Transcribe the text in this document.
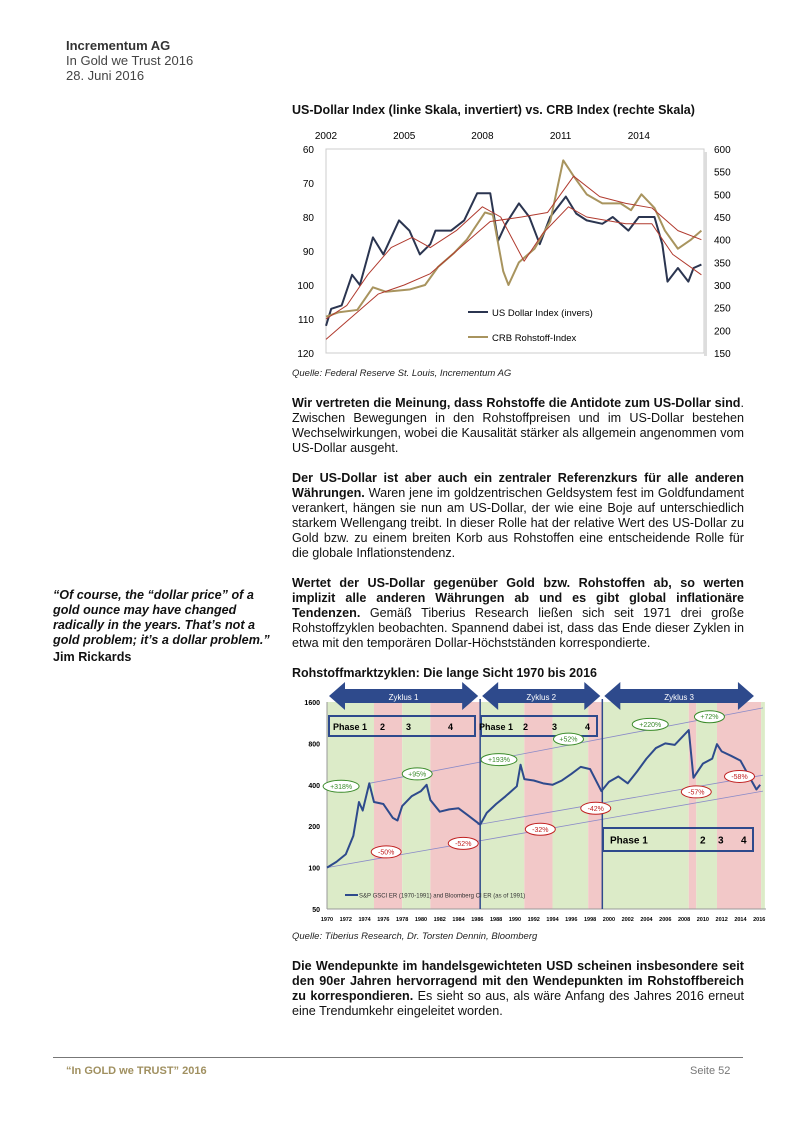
Incrementum AG
In Gold we Trust 2016
28. Juni 2016
US-Dollar Index (linke Skala, invertiert) vs. CRB Index (rechte Skala)
2002	2005	2008	2011	2014
60
70
80
90
100
110
120	150
200
250
300
350
400
450
500
550
600
US Dollar Index (invers)
CRB Rohstoff-Index
Quelle: Federal Reserve St. Louis, Incrementum AG
Wir vertreten die Meinung, dass Rohstoffe die Antidote zum US-Dollar sind. Zwischen Bewegungen in den Rohstoffpreisen und im US-Dollar bestehen Wechselwirkungen, wobei die Kausalität stärker als allgemein angenommen vom US-Dollar ausgeht.
Der US-Dollar ist aber auch ein zentraler Referenzkurs für alle anderen Währungen. Waren jene im goldzentrischen Geldsystem fest im Goldfundament verankert, hängen sie nun am US-Dollar, der wie eine Boje auf unterschiedlich starkem Wellengang treibt. In dieser Rolle hat der relative Wert des US-Dollar zu Gold bzw. zu einem breiten Korb aus Rohstoffen eine entscheidende Rolle für die globale Inflationstendenz.
Wertet der US-Dollar gegenüber Gold bzw. Rohstoffen ab, so werten implizit alle anderen Währungen ab und es gibt global inflationäre Tendenzen. Gemäß Tiberius Research ließen sich seit 1971 drei große Rohstoffzyklen beobachten. Spannend dabei ist, dass das Ende dieser Zyklen in etwa mit den temporären Dollar-Höchstständen korrespondierte.
Rohstoffmarktzyklen: Die lange Sicht 1970 bis 2016
50
100
200
400
800
1600
1970 1972 1974 1976 1978 1980 1982 1984 1986 1988 1990 1992 1994 1996 1998 2000 2002 2004 2006 2008 2010 2012 2014 2016
Zyklus 1	Zyklus 2	Zyklus 3
Phase 1 2 3	4	Phase 1 2	3	4
Phase 1	2 3 4
+318%
-50%
+95%
-52%
+193%
-32%
+52%
-42%
+220%
-57%
+72%
-58%
S&P GSCI ER (1970-1991) and Bloomberg CI ER (as of 1991)
Quelle: Tiberius Research, Dr. Torsten Dennin, Bloomberg
Die Wendepunkte im handelsgewichteten USD scheinen insbesondere seit den 90er Jahren hervorragend mit den Wendepunkten im Rohstoffbereich zu korrespondieren. Es sieht so aus, als wäre Anfang des Jahres 2016 erneut eine Trendumkehr eingeleitet worden.
“Of course, the “dollar price” of a gold ounce may have changed radically in the years. That’s not a gold problem; it’s a dollar problem.”
Jim Rickards
“In GOLD we TRUST” 2016	Seite 52
